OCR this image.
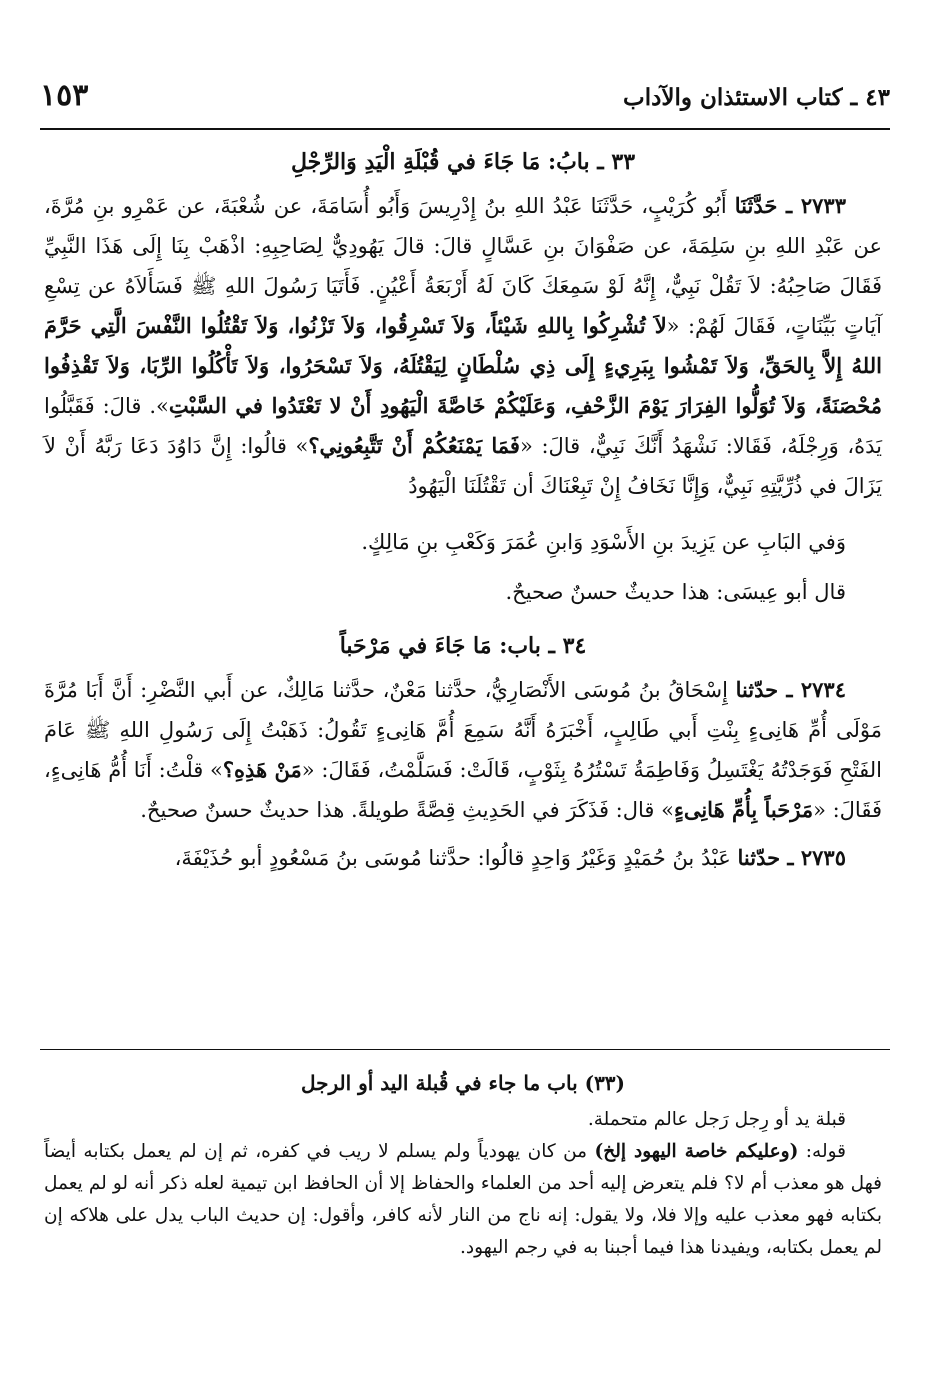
٤٣ ـ كتاب الاستئذان والآداب
١٥٣
٣٣ ـ بابُ: مَا جَاءَ في قُبْلَةِ الْيَدِ وَالرِّجْلِ

٢٧٣٣ ـ حَدَّثَنَا أَبُو كُرَيْبٍ، حَدَّثَنَا عَبْدُ اللهِ بنُ إِدْرِيسَ وَأَبُو أُسَامَةَ، عن شُعْبَةَ، عن عَمْرِو بنِ مُرَّةَ، عن عَبْدِ اللهِ بنِ سَلِمَةَ، عن صَفْوَانَ بنِ عَسَّالٍ قالَ: قالَ يَهُودِيٌّ لِصَاحِبِهِ: اذْهَبْ بِنَا إِلَى هَذَا النَّبِيِّ فَقَالَ صَاحِبُهُ: لاَ تَقُلْ نَبِيٌّ، إِنَّهُ لَوْ سَمِعَكَ كَانَ لَهُ أَرْبَعَةُ أَعْيُنٍ. فَأَتَيَا رَسُولَ اللهِ ﷺ فَسَأَلاَهُ عن تِسْعِ آيَاتٍ بَيِّنَاتٍ، فَقَالَ لَهُمْ: «لاَ تُشْرِكُوا بِاللهِ شَيْئاً، وَلاَ تَسْرِقُوا، وَلاَ تَزْنُوا، وَلاَ تَقْتُلُوا النَّفْسَ الَّتِي حَرَّمَ اللهُ إِلاَّ بِالحَقِّ، وَلاَ تَمْشُوا بِبَرِيءٍ إِلَى ذِي سُلْطَانٍ لِيَقْتُلَهُ، وَلاَ تَسْحَرُوا، وَلاَ تَأْكُلُوا الرِّبَا، وَلاَ تَقْذِفُوا مُحْصَنَةً، وَلاَ تُوَلُّوا الفِرَارَ يَوْمَ الزَّحْفِ، وَعَلَيْكُمْ خَاصَّةَ الْيَهُودِ أَنْ لا تَعْتَدُوا في السَّبْتِ». قالَ: فَقَبَّلُوا يَدَهُ، وَرِجْلَهُ، فَقَالا: نَشْهَدُ أَنَّكَ نَبِيٌّ، قالَ: «فَمَا يَمْنَعُكُمْ أَنْ تَتَّبِعُونِي؟» قالُوا: إِنَّ دَاوُدَ دَعَا رَبَّهُ أَنْ لاَ يَزَالَ في ذُرِّيَّتِهِ نَبِيٌّ، وَإِنَّا نَخَافُ إِنْ تَبِعْنَاكَ أن تَقْتُلَنَا الْيَهُودُ

وَفي البَابِ عن يَزِيدَ بنِ الأَسْوَدِ وَابنِ عُمَرَ وَكَعْبِ بنِ مَالِكٍ.

قال أبو عِيسَى: هذا حديثٌ حسنٌ صحيحٌ.

٣٤ ـ باب: مَا جَاءَ في مَرْحَباً

٢٧٣٤ ـ حدّثنا إِسْحَاقُ بنُ مُوسَى الأَنْصَارِيُّ، حدَّثنا مَعْنٌ، حدَّثنا مَالِكٌ، عن أَبي النَّضْرِ: أَنَّ أَبَا مُرَّةَ مَوْلَى أُمِّ هَانِىءٍ بِنْتِ أَبي طَالِبٍ، أَخْبَرَهُ أَنَّهُ سَمِعَ أُمَّ هَانِىءٍ تَقُولُ: ذَهَبْتُ إِلَى رَسُولِ اللهِ ﷺ عَامَ الفَتْحِ فَوَجَدْتُهُ يَغْتَسِلُ وَفَاطِمَةُ تَسْتُرُهُ بِثَوْبٍ، قَالَتْ: فَسَلَّمْتُ، فَقَالَ: «مَنْ هَذِهِ؟» قلْتُ: أَنَا أُمُّ هَانِىءٍ، فَقَالَ: «مَرْحَباً بِأُمِّ هَانِىءٍ» قال: فَذَكَرَ في الحَدِيثِ قِصَّةً طويلةً. هذا حديثٌ حسنٌ صحيحٌ.

٢٧٣٥ ـ حدّثنا عَبْدُ بنُ حُمَيْدٍ وَغَيْرُ وَاحِدٍ قالُوا: حدَّثنا مُوسَى بنُ مَسْعُودٍ أبو حُذَيْفَةَ،

(٣٣) باب ما جاء في قُبلة اليد أو الرجل

قبلة يد أو رِجل رَجل عالم متحملة.

قوله: (وعليكم خاصة اليهود إلخ) من كان يهودياً ولم يسلم لا ريب في كفره، ثم إن لم يعمل بكتابه أيضاً فهل هو معذب أم لا؟ فلم يتعرض إليه أحد من العلماء والحفاظ إلا أن الحافظ ابن تيمية لعله ذكر أنه لو لم يعمل بكتابه فهو معذب عليه وإلا فلا، ولا يقول: إنه ناج من النار لأنه كافر، وأقول: إن حديث الباب يدل على هلاكه إن لم يعمل بكتابه، ويفيدنا هذا فيما أجبنا به في رجم اليهود.
